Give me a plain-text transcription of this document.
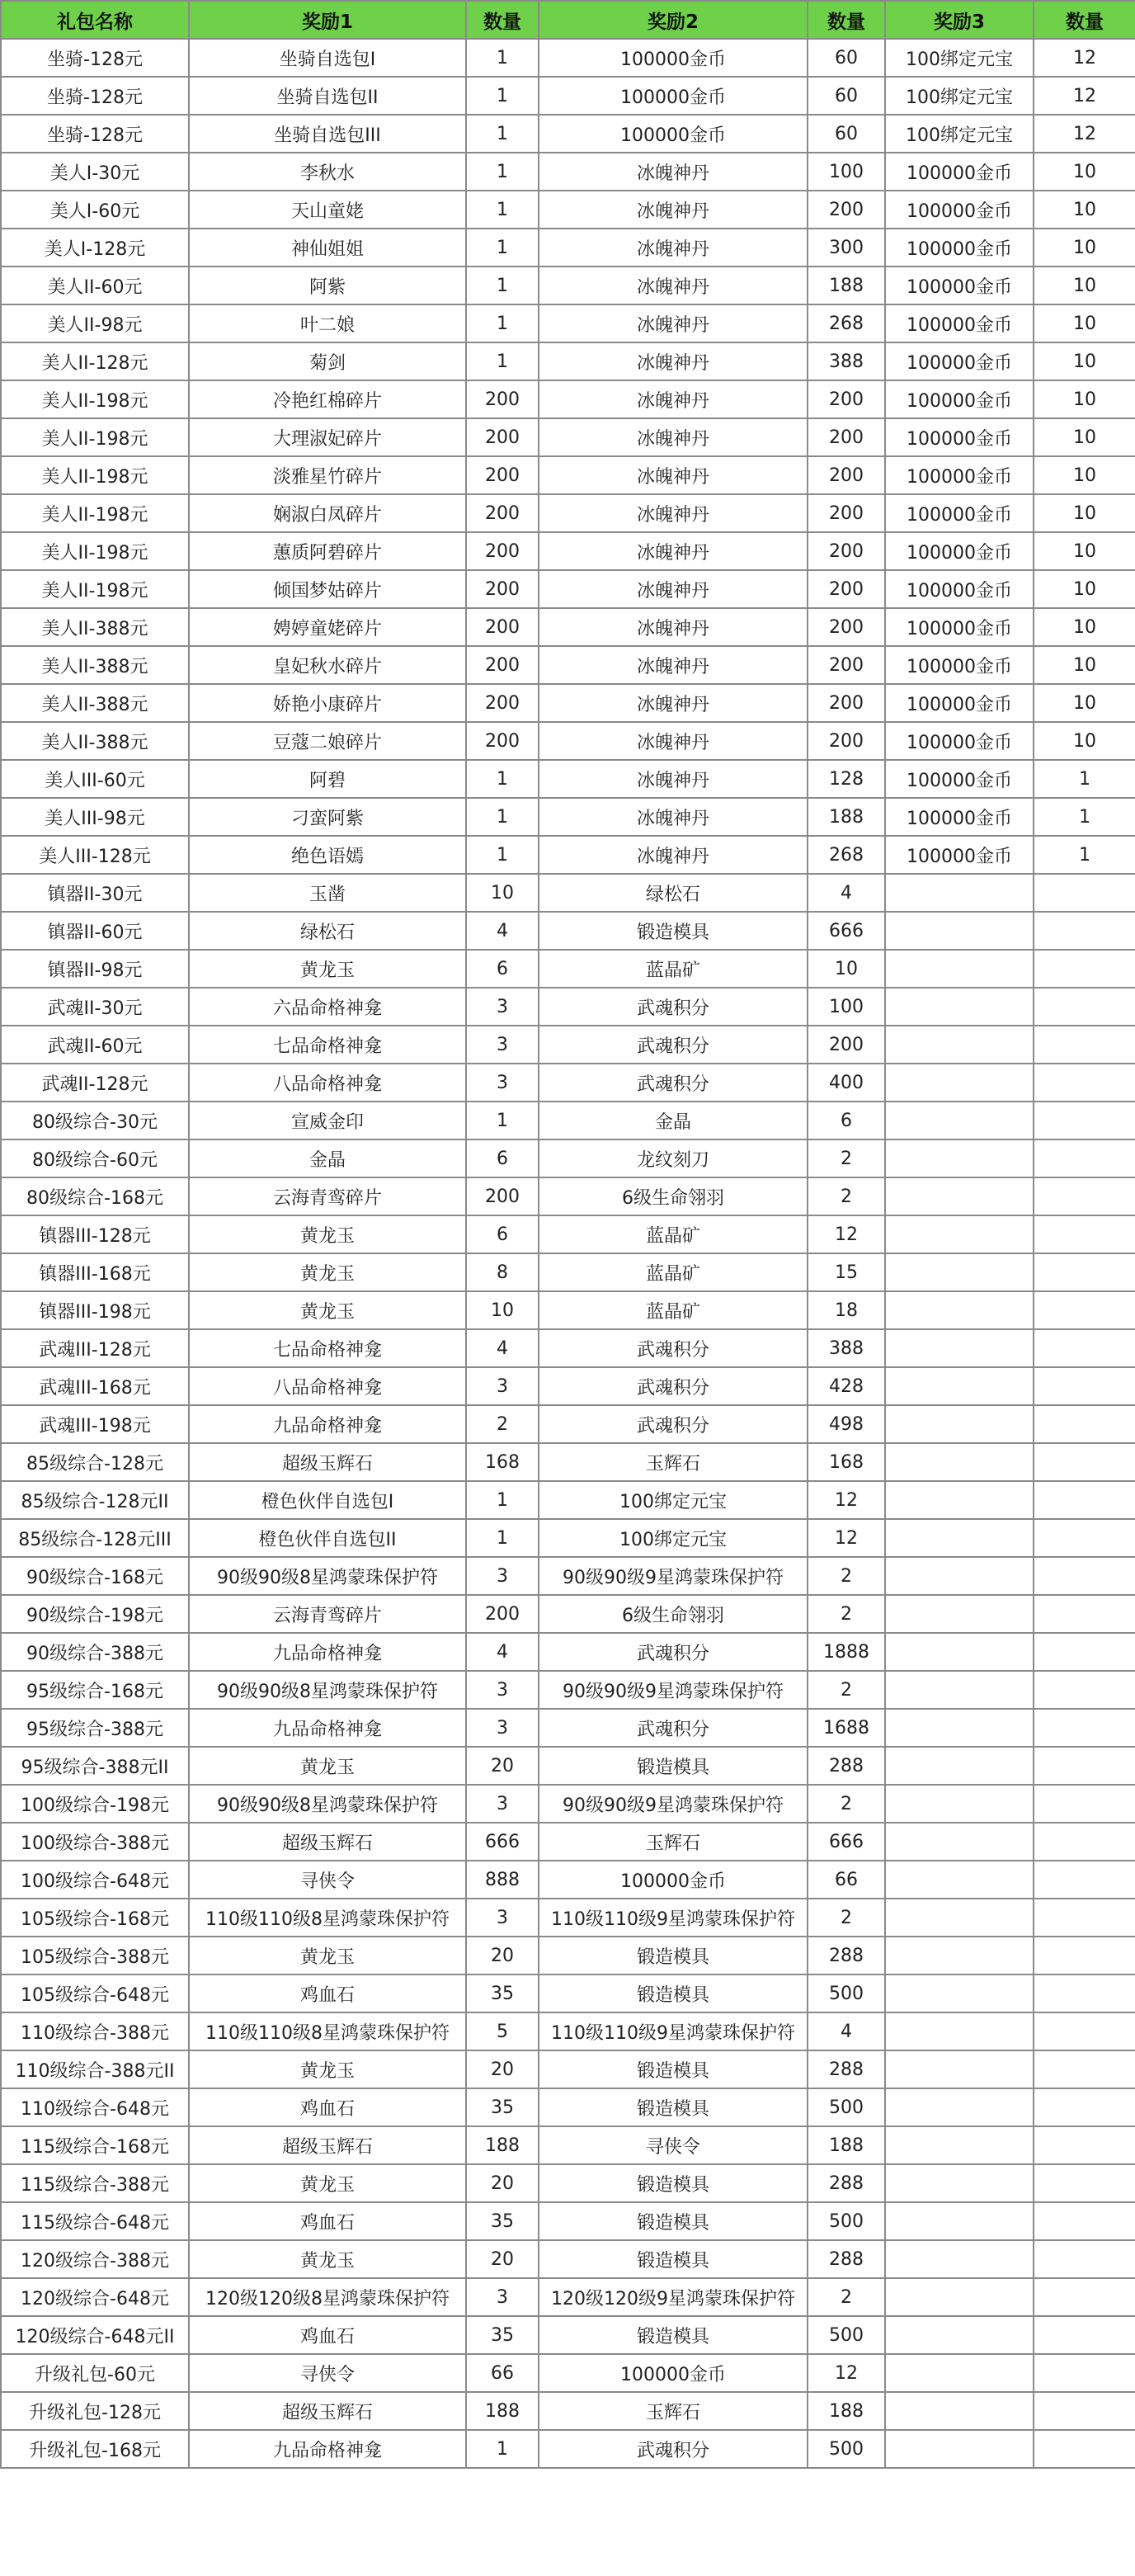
礼包名称	奖励1	数量	奖励2	数量	奖励3	数量
坐骑-128元	坐骑自选包I	1	100000金币	60	100绑定元宝	12
坐骑-128元	坐骑自选包II	1	100000金币	60	100绑定元宝	12
坐骑-128元	坐骑自选包III	1	100000金币	60	100绑定元宝	12
美人I-30元	李秋水	1	冰魄神丹	100	100000金币	10
美人I-60元	天山童姥	1	冰魄神丹	200	100000金币	10
美人I-128元	神仙姐姐	1	冰魄神丹	300	100000金币	10
美人II-60元	阿紫	1	冰魄神丹	188	100000金币	10
美人II-98元	叶二娘	1	冰魄神丹	268	100000金币	10
美人II-128元	菊剑	1	冰魄神丹	388	100000金币	10
美人II-198元	冷艳红棉碎片	200	冰魄神丹	200	100000金币	10
美人II-198元	大理淑妃碎片	200	冰魄神丹	200	100000金币	10
美人II-198元	淡雅星竹碎片	200	冰魄神丹	200	100000金币	10
美人II-198元	娴淑白凤碎片	200	冰魄神丹	200	100000金币	10
美人II-198元	蕙质阿碧碎片	200	冰魄神丹	200	100000金币	10
美人II-198元	倾国梦姑碎片	200	冰魄神丹	200	100000金币	10
美人II-388元	娉婷童姥碎片	200	冰魄神丹	200	100000金币	10
美人II-388元	皇妃秋水碎片	200	冰魄神丹	200	100000金币	10
美人II-388元	娇艳小康碎片	200	冰魄神丹	200	100000金币	10
美人II-388元	豆蔻二娘碎片	200	冰魄神丹	200	100000金币	10
美人III-60元	阿碧	1	冰魄神丹	128	100000金币	1
美人III-98元	刁蛮阿紫	1	冰魄神丹	188	100000金币	1
美人III-128元	绝色语嫣	1	冰魄神丹	268	100000金币	1
镇器II-30元	玉凿	10	绿松石	4		
镇器II-60元	绿松石	4	锻造模具	666		
镇器II-98元	黄龙玉	6	蓝晶矿	10		
武魂II-30元	六品命格神龛	3	武魂积分	100		
武魂II-60元	七品命格神龛	3	武魂积分	200		
武魂II-128元	八品命格神龛	3	武魂积分	400		
80级综合-30元	宣威金印	1	金晶	6		
80级综合-60元	金晶	6	龙纹刻刀	2		
80级综合-168元	云海青鸾碎片	200	6级生命翎羽	2		
镇器III-128元	黄龙玉	6	蓝晶矿	12		
镇器III-168元	黄龙玉	8	蓝晶矿	15		
镇器III-198元	黄龙玉	10	蓝晶矿	18		
武魂III-128元	七品命格神龛	4	武魂积分	388		
武魂III-168元	八品命格神龛	3	武魂积分	428		
武魂III-198元	九品命格神龛	2	武魂积分	498		
85级综合-128元	超级玉辉石	168	玉辉石	168		
85级综合-128元II	橙色伙伴自选包I	1	100绑定元宝	12		
85级综合-128元III	橙色伙伴自选包II	1	100绑定元宝	12		
90级综合-168元	90级90级8星鸿蒙珠保护符	3	90级90级9星鸿蒙珠保护符	2		
90级综合-198元	云海青鸾碎片	200	6级生命翎羽	2		
90级综合-388元	九品命格神龛	4	武魂积分	1888		
95级综合-168元	90级90级8星鸿蒙珠保护符	3	90级90级9星鸿蒙珠保护符	2		
95级综合-388元	九品命格神龛	3	武魂积分	1688		
95级综合-388元II	黄龙玉	20	锻造模具	288		
100级综合-198元	90级90级8星鸿蒙珠保护符	3	90级90级9星鸿蒙珠保护符	2		
100级综合-388元	超级玉辉石	666	玉辉石	666		
100级综合-648元	寻侠令	888	100000金币	66		
105级综合-168元	110级110级8星鸿蒙珠保护符	3	110级110级9星鸿蒙珠保护符	2		
105级综合-388元	黄龙玉	20	锻造模具	288		
105级综合-648元	鸡血石	35	锻造模具	500		
110级综合-388元	110级110级8星鸿蒙珠保护符	5	110级110级9星鸿蒙珠保护符	4		
110级综合-388元II	黄龙玉	20	锻造模具	288		
110级综合-648元	鸡血石	35	锻造模具	500		
115级综合-168元	超级玉辉石	188	寻侠令	188		
115级综合-388元	黄龙玉	20	锻造模具	288		
115级综合-648元	鸡血石	35	锻造模具	500		
120级综合-388元	黄龙玉	20	锻造模具	288		
120级综合-648元	120级120级8星鸿蒙珠保护符	3	120级120级9星鸿蒙珠保护符	2		
120级综合-648元II	鸡血石	35	锻造模具	500		
升级礼包-60元	寻侠令	66	100000金币	12		
升级礼包-128元	超级玉辉石	188	玉辉石	188		
升级礼包-168元	九品命格神龛	1	武魂积分	500		
